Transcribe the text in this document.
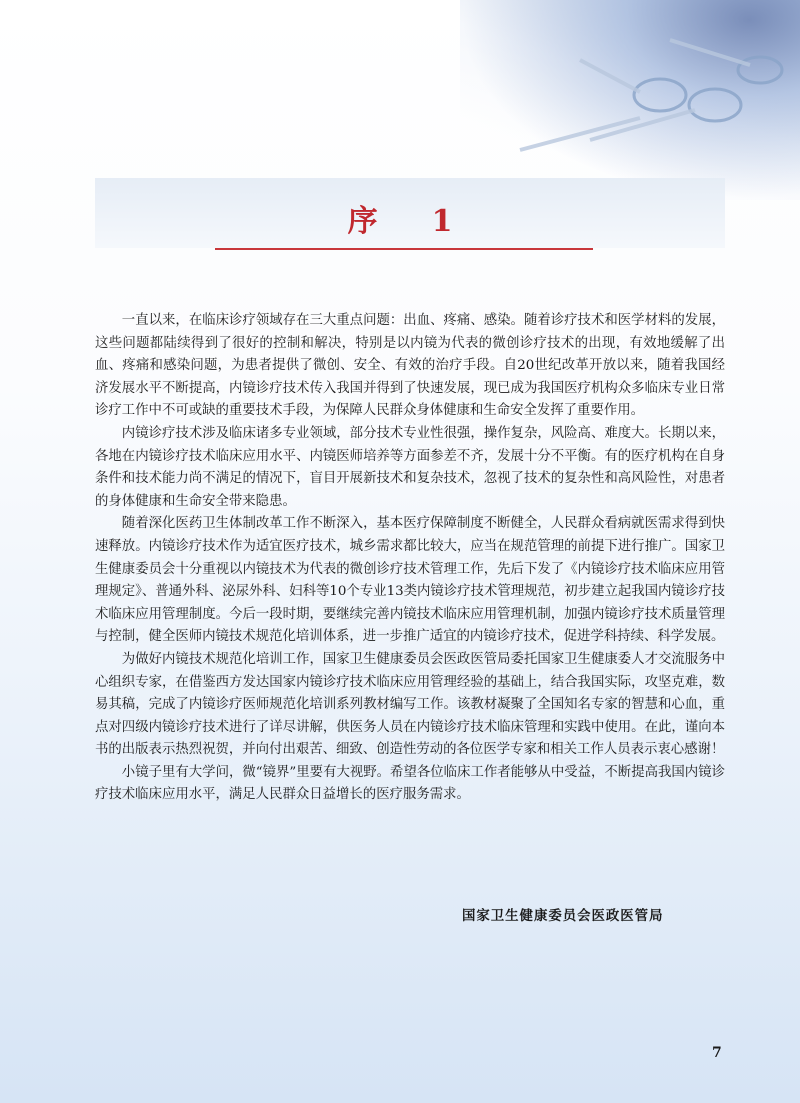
序 1

一直以来，在临床诊疗领域存在三大重点问题：出血、疼痛、感染。随着诊疗技术和医学材料的发展，这些问题都陆续得到了很好的控制和解决，特别是以内镜为代表的微创诊疗技术的出现，有效地缓解了出血、疼痛和感染问题，为患者提供了微创、安全、有效的治疗手段。自20世纪改革开放以来，随着我国经济发展水平不断提高，内镜诊疗技术传入我国并得到了快速发展，现已成为我国医疗机构众多临床专业日常诊疗工作中不可或缺的重要技术手段，为保障人民群众身体健康和生命安全发挥了重要作用。

内镜诊疗技术涉及临床诸多专业领域，部分技术专业性很强，操作复杂，风险高、难度大。长期以来，各地在内镜诊疗技术临床应用水平、内镜医师培养等方面参差不齐，发展十分不平衡。有的医疗机构在自身条件和技术能力尚不满足的情况下，盲目开展新技术和复杂技术，忽视了技术的复杂性和高风险性，对患者的身体健康和生命安全带来隐患。

随着深化医药卫生体制改革工作不断深入，基本医疗保障制度不断健全，人民群众看病就医需求得到快速释放。内镜诊疗技术作为适宜医疗技术，城乡需求都比较大，应当在规范管理的前提下进行推广。国家卫生健康委员会十分重视以内镜技术为代表的微创诊疗技术管理工作，先后下发了《内镜诊疗技术临床应用管理规定》、普通外科、泌尿外科、妇科等10个专业13类内镜诊疗技术管理规范，初步建立起我国内镜诊疗技术临床应用管理制度。今后一段时期，要继续完善内镜技术临床应用管理机制，加强内镜诊疗技术质量管理与控制，健全医师内镜技术规范化培训体系，进一步推广适宜的内镜诊疗技术，促进学科持续、科学发展。

为做好内镜技术规范化培训工作，国家卫生健康委员会医政医管局委托国家卫生健康委人才交流服务中心组织专家，在借鉴西方发达国家内镜诊疗技术临床应用管理经验的基础上，结合我国实际，攻坚克难，数易其稿，完成了内镜诊疗医师规范化培训系列教材编写工作。该教材凝聚了全国知名专家的智慧和心血，重点对四级内镜诊疗技术进行了详尽讲解，供医务人员在内镜诊疗技术临床管理和实践中使用。在此，谨向本书的出版表示热烈祝贺，并向付出艰苦、细致、创造性劳动的各位医学专家和相关工作人员表示衷心感谢！

小镜子里有大学问，微“镜界”里要有大视野。希望各位临床工作者能够从中受益，不断提高我国内镜诊疗技术临床应用水平，满足人民群众日益增长的医疗服务需求。

国家卫生健康委员会医政医管局
7
